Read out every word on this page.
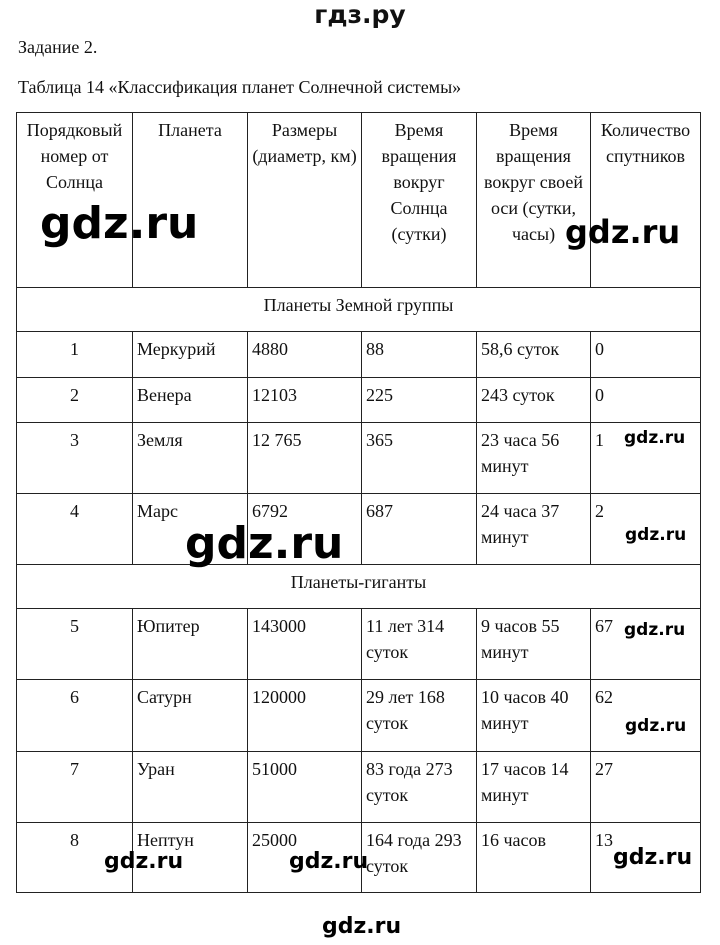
гдз.ру
Задание 2.
Таблица 14 «Классификация планет Солнечной системы»
Порядковый номер от Солнца	Планета	Размеры (диаметр, км)	Время вращения вокруг Солнца (сутки)	Время вращения вокруг своей оси (сутки, часы)	Количество спутников
Планеты Земной группы					
1	Меркурий	4880	88	58,6 суток	0
2	Венера	12103	225	243 суток	0
3	Земля	12 765	365	23 часа 56 минут	1
4	Марс	6792	687	24 часа 37 минут	2
Планеты-гиганты					
5	Юпитер	143000	11 лет 314 суток	9 часов 55 минут	67
6	Сатурн	120000	29 лет 168 суток	10 часов 40 минут	62
7	Уран	51000	83 года 273 суток	17 часов 14 минут	27
8	Нептун	25000	164 года 293 суток	16 часов	13
gdz.ru	gdz.ru
gdz.ru
gdz.ru	gdz.ru
gdz.ru
gdz.ru
gdz.ru	gdz.ru	gdz.ru
gdz.ru
